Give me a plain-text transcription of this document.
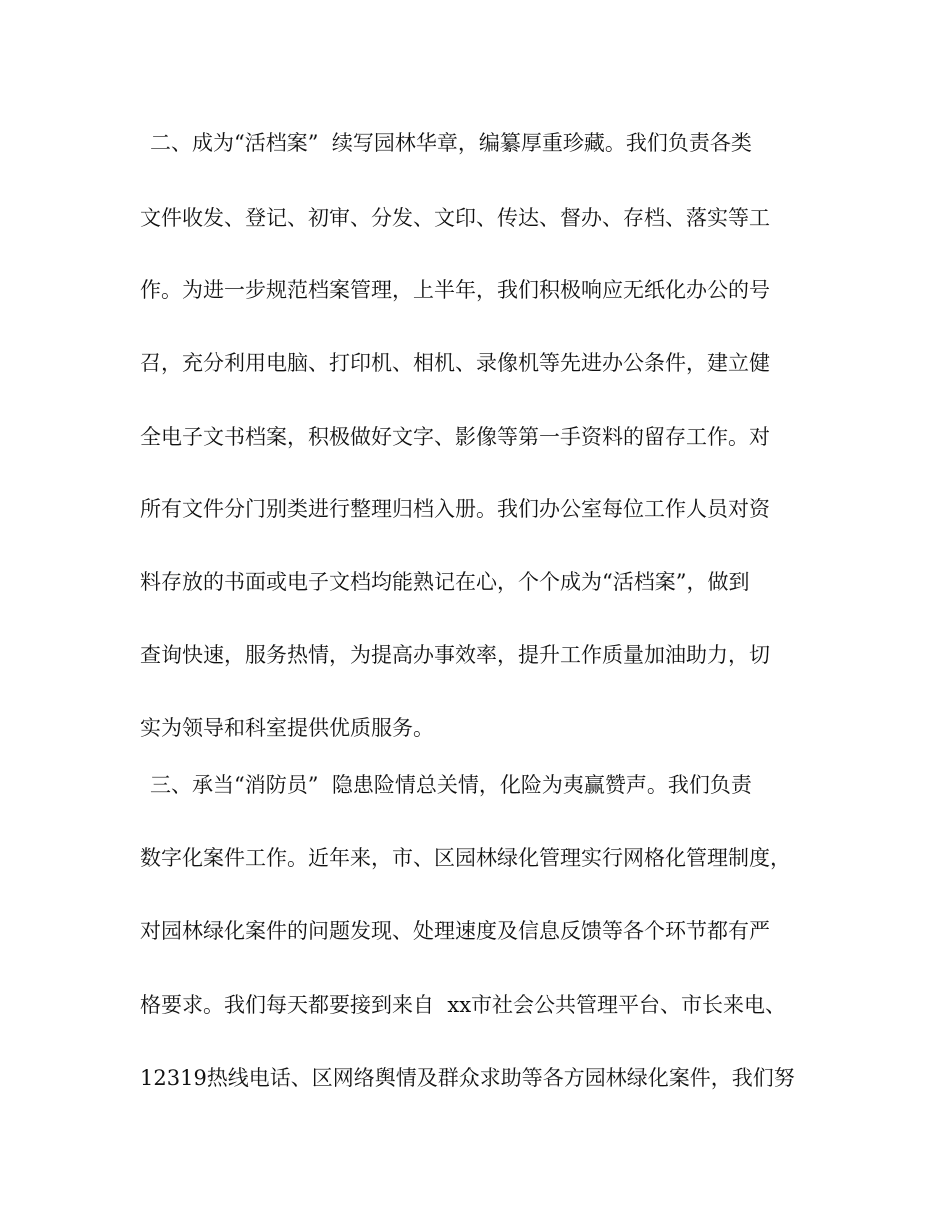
二、成为“活档案”  续写园林华章，编纂厚重珍藏。我们负责各类

文件收发、登记、初审、分发、文印、传达、督办、存档、落实等工

作。为进一步规范档案管理，上半年，我们积极响应无纸化办公的号

召，充分利用电脑、打印机、相机、录像机等先进办公条件，建立健

全电子文书档案，积极做好文字、影像等第一手资料的留存工作。对

所有文件分门别类进行整理归档入册。我们办公室每位工作人员对资

料存放的书面或电子文档均能熟记在心，个个成为“活档案”，做到

查询快速，服务热情，为提高办事效率，提升工作质量加油助力，切

实为领导和科室提供优质服务。

三、承当“消防员”  隐患险情总关情，化险为夷赢赞声。我们负责

数字化案件工作。近年来，市、区园林绿化管理实行网格化管理制度，

对园林绿化案件的问题发现、处理速度及信息反馈等各个环节都有严

格要求。我们每天都要接到来自  xx市社会公共管理平台、市长来电、

12319热线电话、区网络舆情及群众求助等各方园林绿化案件，我们努
